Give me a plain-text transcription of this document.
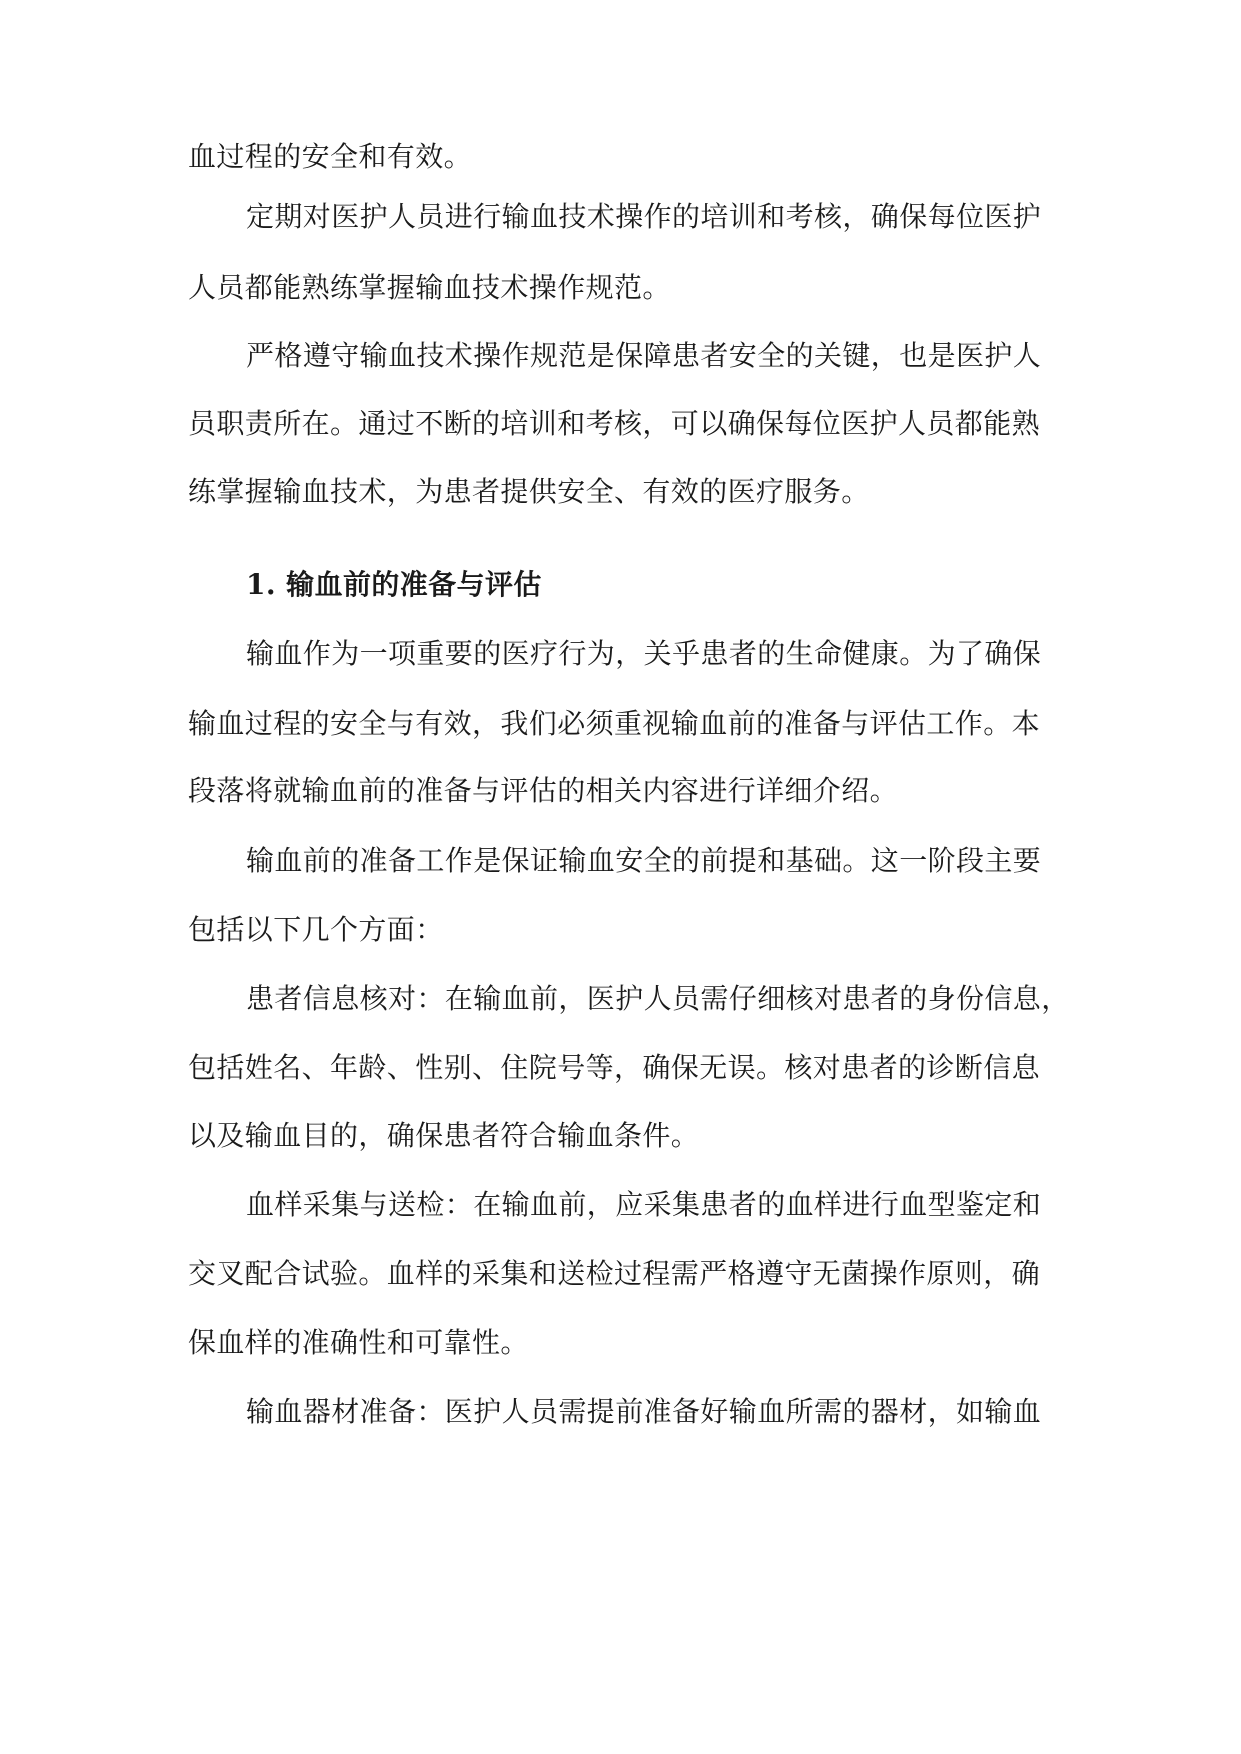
血过程的安全和有效。
定期对医护人员进行输血技术操作的培训和考核，确保每位医护
人员都能熟练掌握输血技术操作规范。
严格遵守输血技术操作规范是保障患者安全的关键，也是医护人
员职责所在。通过不断的培训和考核，可以确保每位医护人员都能熟
练掌握输血技术，为患者提供安全、有效的医疗服务。
1. 输血前的准备与评估
输血作为一项重要的医疗行为，关乎患者的生命健康。为了确保
输血过程的安全与有效，我们必须重视输血前的准备与评估工作。本
段落将就输血前的准备与评估的相关内容进行详细介绍。
输血前的准备工作是保证输血安全的前提和基础。这一阶段主要
包括以下几个方面：
患者信息核对：在输血前，医护人员需仔细核对患者的身份信息，
包括姓名、年龄、性别、住院号等，确保无误。核对患者的诊断信息
以及输血目的，确保患者符合输血条件。
血样采集与送检：在输血前，应采集患者的血样进行血型鉴定和
交叉配合试验。血样的采集和送检过程需严格遵守无菌操作原则，确
保血样的准确性和可靠性。
输血器材准备：医护人员需提前准备好输血所需的器材，如输血
